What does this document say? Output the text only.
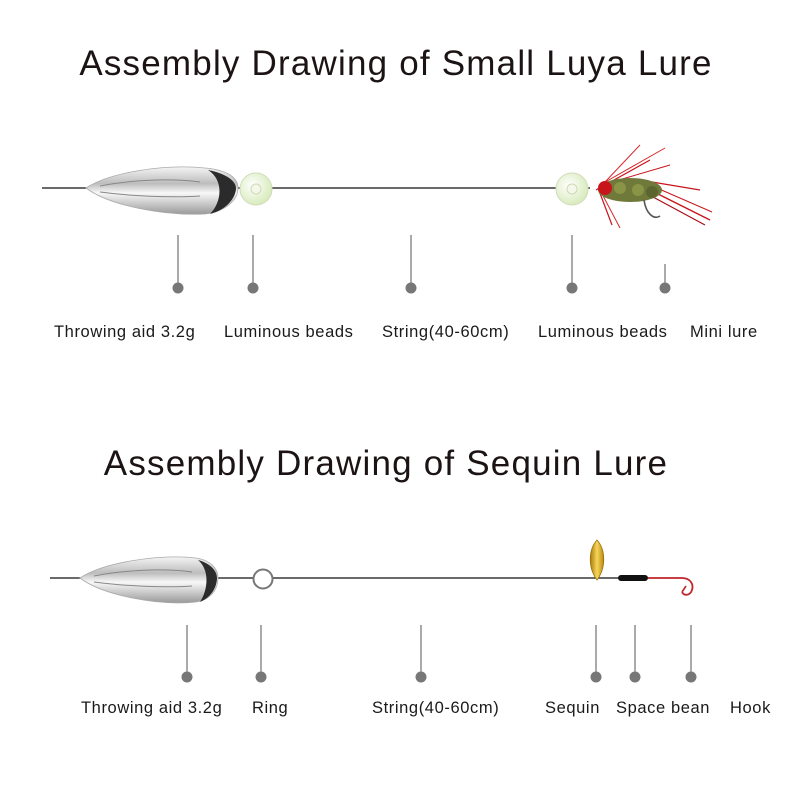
Assembly Drawing of Small Luya Lure
Throwing aid 3.2g Luminous beads String(40-60cm) Luminous beads Mini lure
Assembly Drawing of Sequin Lure
Throwing aid 3.2g Ring	String(40-60cm)	Sequin Space bean Hook
